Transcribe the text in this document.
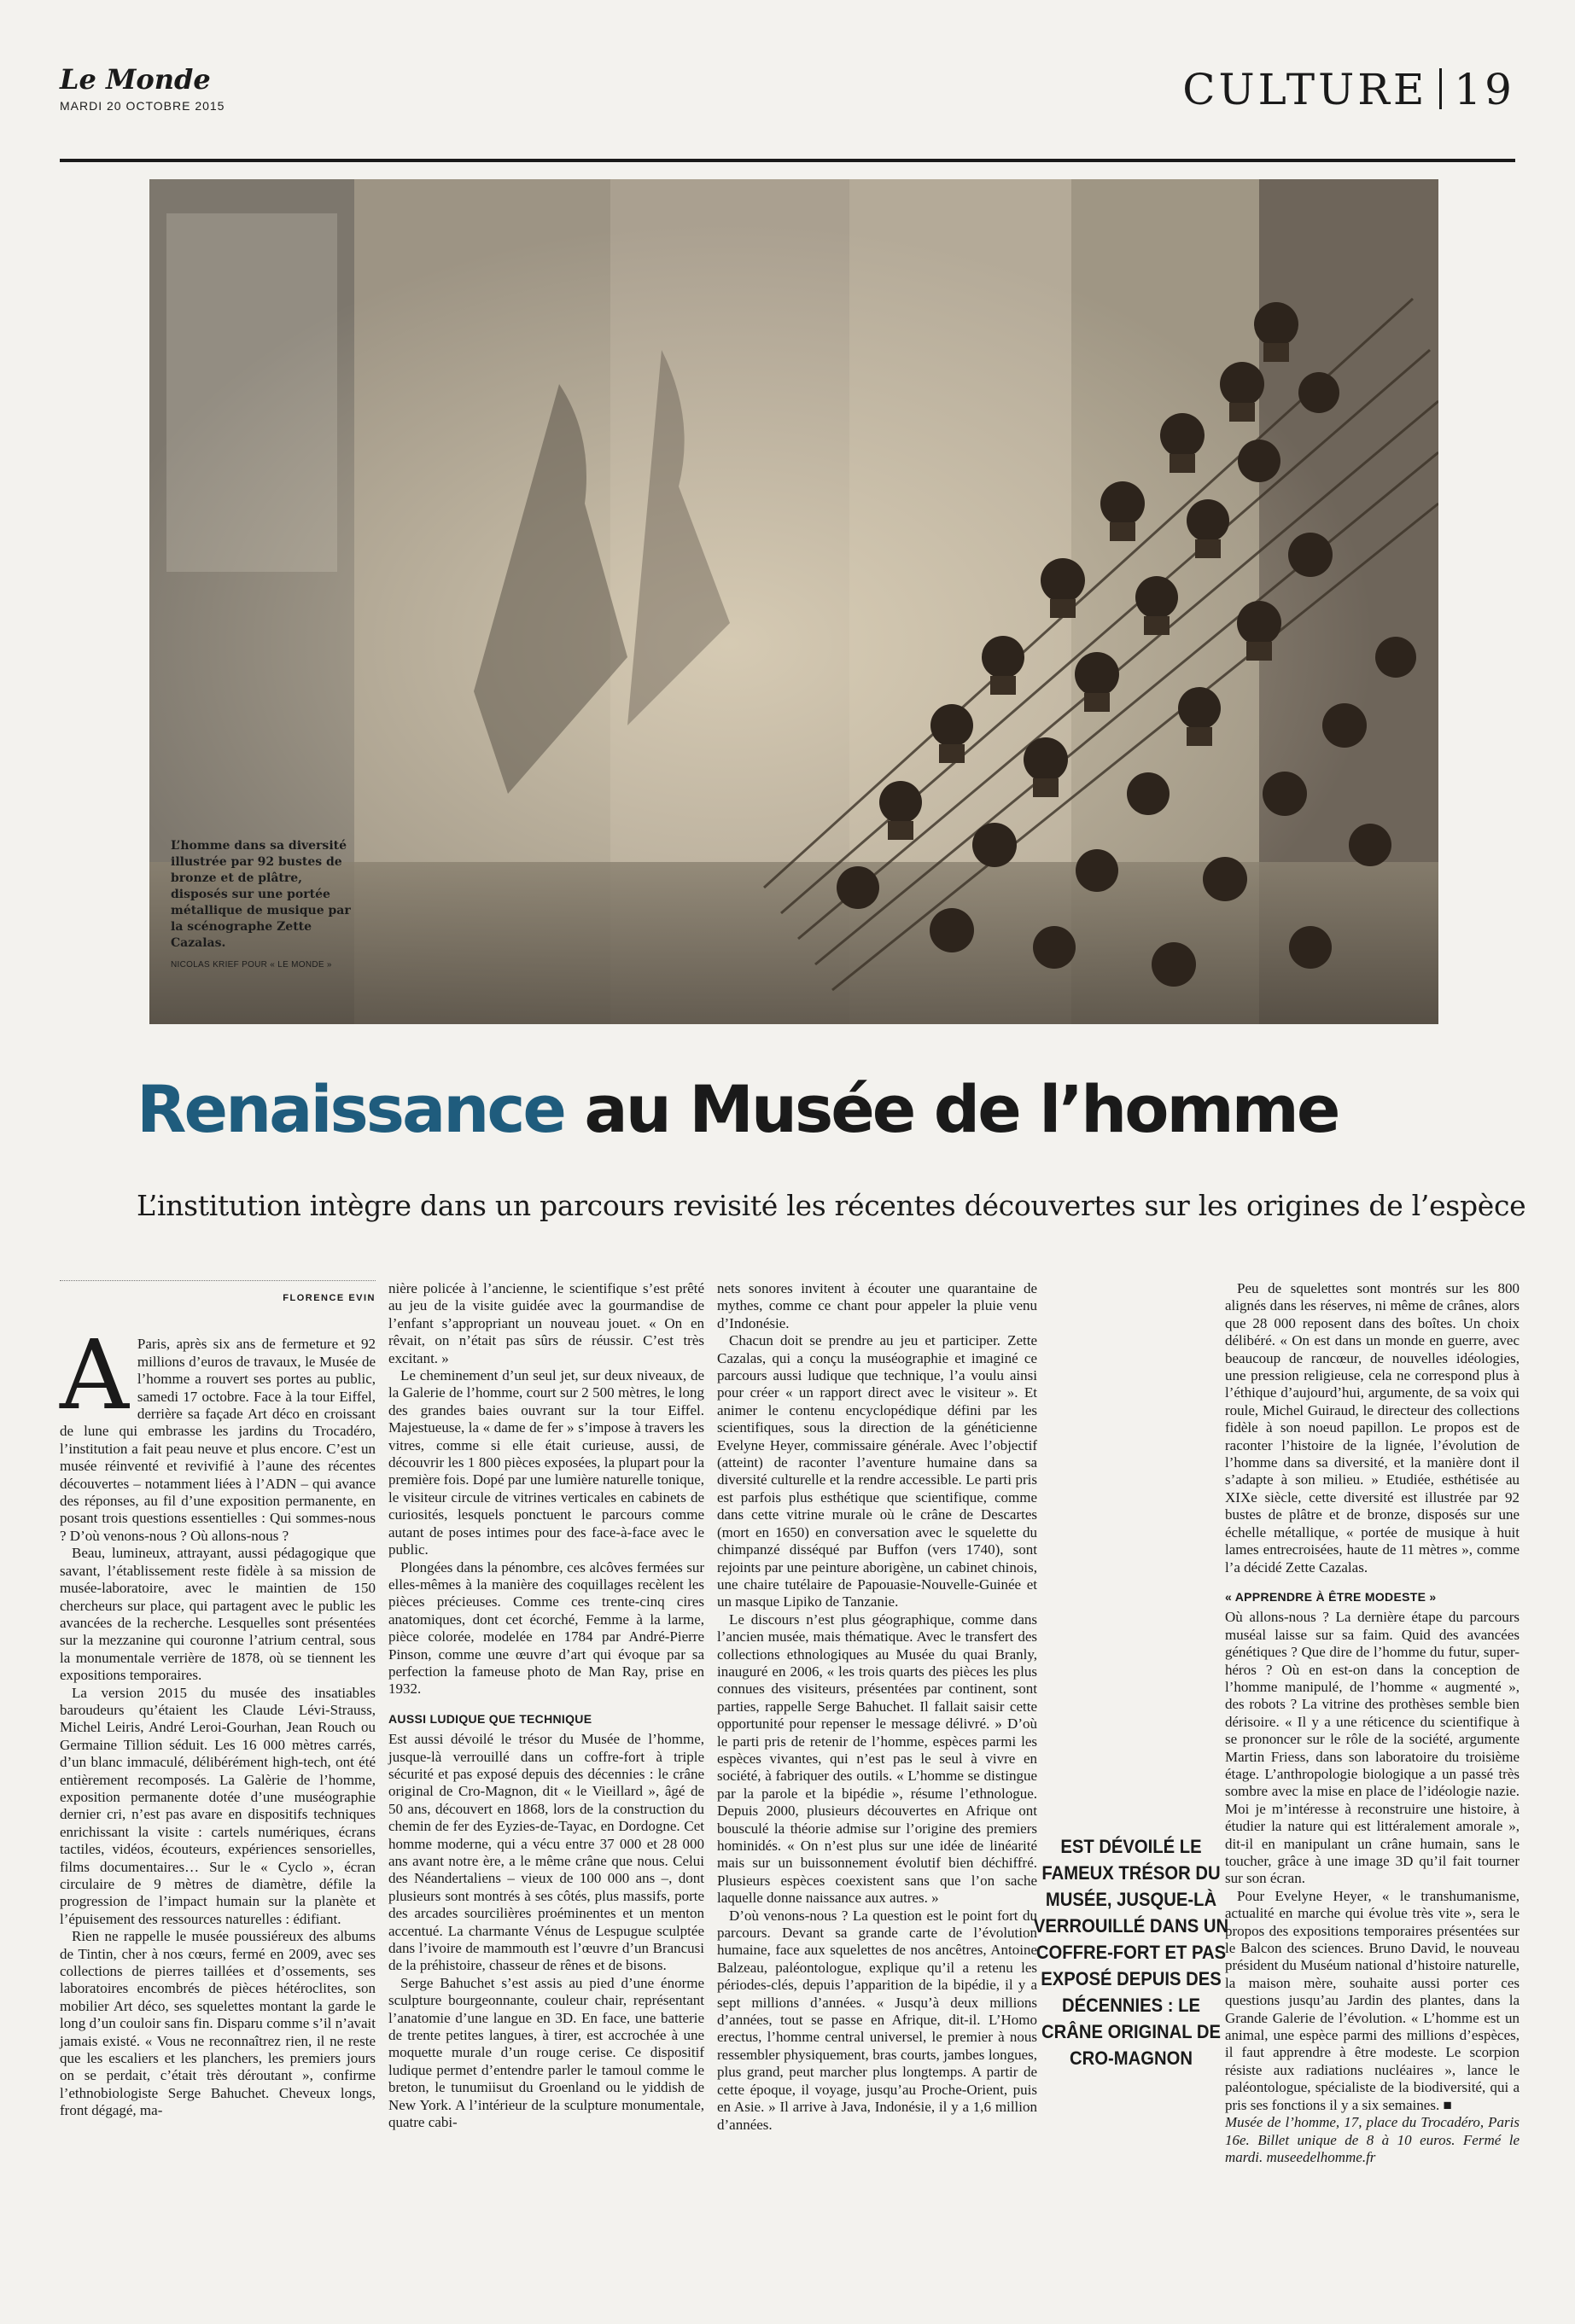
Le Monde
MARDI 20 OCTOBRE 2015	CULTURE 19
L’homme dans sa diversité illustrée par 92 bustes de bronze et de plâtre, disposés sur une portée métallique de musique par la scénographe Zette Cazalas.
NICOLAS KRIEF POUR « LE MONDE »
Renaissance au Musée de l’homme
L’institution intègre dans un parcours revisité les récentes découvertes sur les origines de l’espèce
FLORENCE EVIN
A Paris, après six ans de fermeture et 92 millions d’euros de travaux, le Musée de l’homme a rouvert ses portes au public, samedi 17 octobre. Face à la tour Eiffel, derrière sa façade Art déco en croissant de lune qui embrasse les jardins du Trocadéro, l’institution a fait peau neuve et plus encore. C’est un musée réinventé et revivifié à l’aune des récentes découvertes – notamment liées à l’ADN – qui avance des réponses, au fil d’une exposition permanente, en posant trois questions essentielles : Qui sommes-nous ? D’où venons-nous ? Où allons-nous ?

Beau, lumineux, attrayant, aussi pédagogique que savant, l’établissement reste fidèle à sa mission de musée-laboratoire, avec le maintien de 150 chercheurs sur place, qui partagent avec le public les avancées de la recherche. Lesquelles sont présentées sur la mezzanine qui couronne l’atrium central, sous la monumentale verrière de 1878, où se tiennent les expositions temporaires.

La version 2015 du musée des insatiables baroudeurs qu’étaient les Claude Lévi-Strauss, Michel Leiris, André Leroi-Gourhan, Jean Rouch ou Germaine Tillion séduit. Les 16 000 mètres carrés, d’un blanc immaculé, délibérément high-tech, ont été entièrement recomposés. La Galèrie de l’homme, exposition permanente dotée d’une muséographie dernier cri, n’est pas avare en dispositifs techniques enrichissant la visite : cartels numériques, écrans tactiles, vidéos, écouteurs, expériences sensorielles, films documentaires… Sur le « Cyclo », écran circulaire de 9 mètres de diamètre, défile la progression de l’impact humain sur la planète et l’épuisement des ressources naturelles : édifiant.

Rien ne rappelle le musée poussiéreux des albums de Tintin, cher à nos cœurs, fermé en 2009, avec ses collections de pierres taillées et d’ossements, ses laboratoires encombrés de pièces hétéroclites, son mobilier Art déco, ses squelettes montant la garde le long d’un couloir sans fin. Disparu comme s’il n’avait jamais existé. « Vous ne reconnaîtrez rien, il ne reste que les escaliers et les planchers, les premiers jours on se perdait, c’était très déroutant », confirme l’ethnobiologiste Serge Bahuchet. Cheveux longs, front dégagé, ma-

nière policée à l’ancienne, le scientifique s’est prêté au jeu de la visite guidée avec la gourmandise de l’enfant s’appropriant un nouveau jouet. « On en rêvait, on n’était pas sûrs de réussir. C’est très excitant. »

Le cheminement d’un seul jet, sur deux niveaux, de la Galerie de l’homme, court sur 2 500 mètres, le long des grandes baies ouvrant sur la tour Eiffel. Majestueuse, la « dame de fer » s’impose à travers les vitres, comme si elle était curieuse, aussi, de découvrir les 1 800 pièces exposées, la plupart pour la première fois. Dopé par une lumière naturelle tonique, le visiteur circule de vitrines verticales en cabinets de curiosités, lesquels ponctuent le parcours comme autant de poses intimes pour des face-à-face avec le public.

Plongées dans la pénombre, ces alcôves fermées sur elles-mêmes à la manière des coquillages recèlent les pièces précieuses. Comme ces trente-cinq cires anatomiques, dont cet écorché, Femme à la larme, pièce colorée, modelée en 1784 par André-Pierre Pinson, comme une œuvre d’art qui évoque par sa perfection la fameuse photo de Man Ray, prise en 1932.

AUSSI LUDIQUE QUE TECHNIQUE

Est aussi dévoilé le trésor du Musée de l’homme, jusque-là verrouillé dans un coffre-fort à triple sécurité et pas exposé depuis des décennies : le crâne original de Cro-Magnon, dit « le Vieillard », âgé de 50 ans, découvert en 1868, lors de la construction du chemin de fer des Eyzies-de-Tayac, en Dordogne. Cet homme moderne, qui a vécu entre 37 000 et 28 000 ans avant notre ère, a le même crâne que nous. Celui des Néandertaliens – vieux de 100 000 ans –, dont plusieurs sont montrés à ses côtés, plus massifs, porte des arcades sourcilières proéminentes et un menton accentué. La charmante Vénus de Lespugue sculptée dans l’ivoire de mammouth est l’œuvre d’un Brancusi de la préhistoire, chasseur de rênes et de bisons.

Serge Bahuchet s’est assis au pied d’une énorme sculpture bourgeonnante, couleur chair, représentant l’anatomie d’une langue en 3D. En face, une batterie de trente petites langues, à tirer, est accrochée à une moquette murale d’un rouge cerise. Ce dispositif ludique permet d’entendre parler le tamoul comme le breton, le tunumiisut du Groenland ou le yiddish de New York. A l’intérieur de la sculpture monumentale, quatre cabi-

nets sonores invitent à écouter une quarantaine de mythes, comme ce chant pour appeler la pluie venu d’Indonésie.

Chacun doit se prendre au jeu et participer. Zette Cazalas, qui a conçu la muséographie et imaginé ce parcours aussi ludique que technique, l’a voulu ainsi pour créer « un rapport direct avec le visiteur ». Et animer le contenu encyclopédique défini par les scientifiques, sous la direction de la généticienne Evelyne Heyer, commissaire générale. Avec l’objectif (atteint) de raconter l’aventure humaine dans sa diversité culturelle et la rendre accessible. Le parti pris est parfois plus esthétique que scientifique, comme dans cette vitrine murale où le crâne de Descartes (mort en 1650) en conversation avec le squelette du chimpanzé disséqué par Buffon (vers 1740), sont rejoints par une peinture aborigène, un cabinet chinois, une chaire tutélaire de Papouasie-Nouvelle-Guinée et un masque Lipiko de Tanzanie.

Le discours n’est plus géographique, comme dans l’ancien musée, mais thématique. Avec le transfert des collections ethnologiques au Musée du quai Branly, inauguré en 2006, « les trois quarts des pièces les plus connues des visiteurs, présentées par continent, sont parties, rappelle Serge Bahuchet. Il fallait saisir cette opportunité pour repenser le message délivré. » D’où le parti pris de retenir de l’homme, espèces parmi les espèces vivantes, qui n’est pas le seul à vivre en société, à fabriquer des outils. « L’homme se distingue par la parole et la bipédie », résume l’ethnologue. Depuis 2000, plusieurs découvertes en Afrique ont bousculé la théorie admise sur l’origine des premiers hominidés. « On n’est plus sur une idée de linéarité mais sur un buissonnement évolutif bien déchiffré. Plusieurs espèces coexistent sans que l’on sache laquelle donne naissance aux autres. »

D’où venons-nous ? La question est le point fort du parcours. Devant sa grande carte de l’évolution humaine, face aux squelettes de nos ancêtres, Antoine Balzeau, paléontologue, explique qu’il a retenu les périodes-clés, depuis l’apparition de la bipédie, il y a sept millions d’années. « Jusqu’à deux millions d’années, tout se passe en Afrique, dit-il. L’Homo erectus, l’homme central universel, le premier à nous ressembler physiquement, bras courts, jambes longues, plus grand, peut marcher plus longtemps. A partir de cette époque, il voyage, jusqu’au Proche-Orient, puis en Asie. » Il arrive à Java, Indonésie, il y a 1,6 million d’années.

EST DÉVOILÉ LE FAMEUX TRÉSOR DU MUSÉE, JUSQUE-LÀ VERROUILLÉ DANS UN COFFRE-FORT ET PAS EXPOSÉ DEPUIS DES DÉCENNIES : LE CRÂNE ORIGINAL DE CRO-MAGNON

Peu de squelettes sont montrés sur les 800 alignés dans les réserves, ni même de crânes, alors que 28 000 reposent dans des boîtes. Un choix délibéré. « On est dans un monde en guerre, avec beaucoup de rancœur, de nouvelles idéologies, une pression religieuse, cela ne correspond plus à l’éthique d’aujourd’hui, argumente, de sa voix qui roule, Michel Guiraud, le directeur des collections fidèle à son noeud papillon. Le propos est de raconter l’histoire de la lignée, l’évolution de l’homme dans sa diversité, et la manière dont il s’adapte à son milieu. » Etudiée, esthétisée au XIXe siècle, cette diversité est illustrée par 92 bustes de plâtre et de bronze, disposés sur une échelle métallique, « portée de musique à huit lames entrecroisées, haute de 11 mètres », comme l’a décidé Zette Cazalas.

« APPRENDRE À ÊTRE MODESTE »

Où allons-nous ? La dernière étape du parcours muséal laisse sur sa faim. Quid des avancées génétiques ? Que dire de l’homme du futur, super-héros ? Où en est-on dans la conception de l’homme manipulé, de l’homme « augmenté », des robots ? La vitrine des prothèses semble bien dérisoire. « Il y a une réticence du scientifique à se prononcer sur le rôle de la société, argumente Martin Friess, dans son laboratoire du troisième étage. L’anthropologie biologique a un passé très sombre avec la mise en place de l’idéologie nazie. Moi je m’intéresse à reconstruire une histoire, à étudier la nature qui est littéralement amorale », dit-il en manipulant un crâne humain, sans le toucher, grâce à une image 3D qu’il fait tourner sur son écran.

Pour Evelyne Heyer, « le transhumanisme, actualité en marche qui évolue très vite », sera le propos des expositions temporaires présentées sur le Balcon des sciences. Bruno David, le nouveau président du Muséum national d’histoire naturelle, la maison mère, souhaite aussi porter ces questions jusqu’au Jardin des plantes, dans la Grande Galerie de l’évolution. « L’homme est un animal, une espèce parmi des millions d’espèces, il faut apprendre à être modeste. Le scorpion résiste aux radiations nucléaires », lance le paléontologue, spécialiste de la biodiversité, qui a pris ses fonctions il y a six semaines. ■

Musée de l’homme, 17, place du Trocadéro, Paris 16e. Billet unique de 8 à 10 euros. Fermé le mardi. museedelhomme.fr
